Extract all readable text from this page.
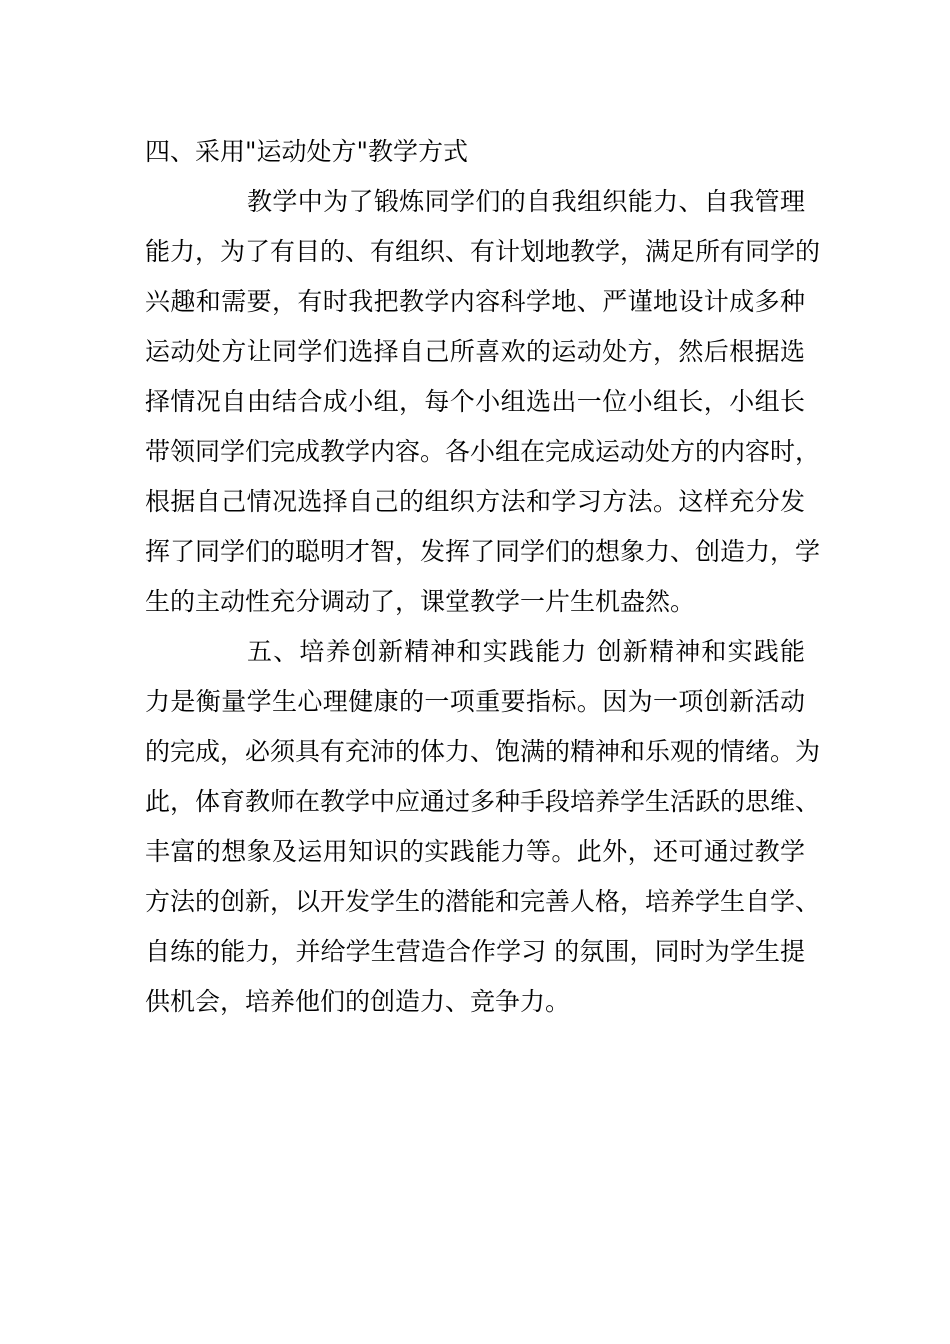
四、采用"运动处方"教学方式

教学中为了锻炼同学们的自我组织能力、自我管理
能力，为了有目的、有组织、有计划地教学，满足所有同学的
兴趣和需要，有时我把教学内容科学地、严谨地设计成多种
运动处方让同学们选择自己所喜欢的运动处方，然后根据选
择情况自由结合成小组，每个小组选出一位小组长，小组长
带领同学们完成教学内容。各小组在完成运动处方的内容时，
根据自己情况选择自己的组织方法和学习方法。这样充分发
挥了同学们的聪明才智，发挥了同学们的想象力、创造力，学
生的主动性充分调动了，课堂教学一片生机盎然。

五、培养创新精神和实践能力 创新精神和实践能
力是衡量学生心理健康的一项重要指标。因为一项创新活动
的完成，必须具有充沛的体力、饱满的精神和乐观的情绪。为
此，体育教师在教学中应通过多种手段培养学生活跃的思维、
丰富的想象及运用知识的实践能力等。此外，还可通过教学
方法的创新，以开发学生的潜能和完善人格，培养学生自学、
自练的能力，并给学生营造合作学习 的氛围，同时为学生提
供机会，培养他们的创造力、竞争力。
